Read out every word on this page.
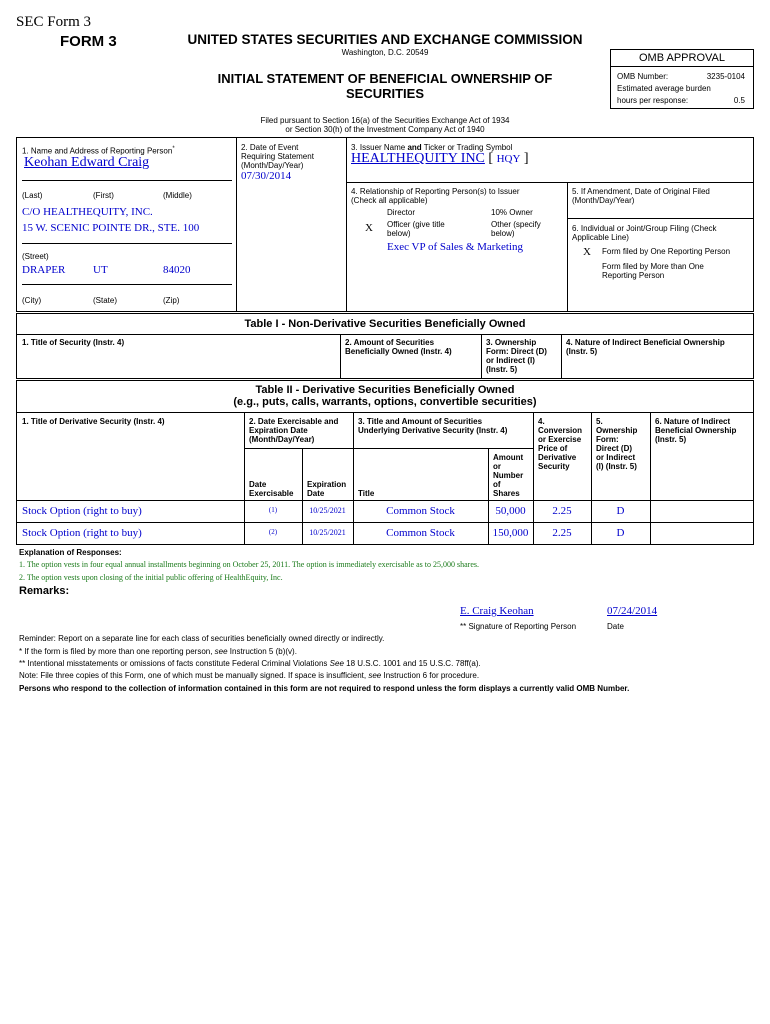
SEC Form 3
FORM 3	UNITED STATES SECURITIES AND EXCHANGE COMMISSION
Washington, D.C. 20549
INITIAL STATEMENT OF BENEFICIAL OWNERSHIP OF
SECURITIES
Filed pursuant to Section 16(a) of the Securities Exchange Act of 1934
or Section 30(h) of the Investment Company Act of 1940
OMB APPROVAL
OMB Number:	3235-0104
Estimated average burden
hours per response:	0.5
1. Name and Address of Reporting Person*
Keohan Edward Craig
(Last)	(First)	(Middle)
C/O HEALTHEQUITY, INC.
15 W. SCENIC POINTE DR., STE. 100
(Street)
DRAPER	UT	84020
(City)	(State)	(Zip)
2. Date of Event
Requiring Statement
(Month/Day/Year)
07/30/2014
3. Issuer Name and Ticker or Trading Symbol
HEALTHEQUITY INC [ HQY ]
4. Relationship of Reporting Person(s) to Issuer
(Check all applicable)
Director	10% Owner
X Officer (give title
below)
Other (specify
below)
Exec VP of Sales & Marketing
5. If Amendment, Date of Original Filed
(Month/Day/Year)
6. Individual or Joint/Group Filing (Check
Applicable Line)
X Form filed by One Reporting Person
Form filed by More than One
Reporting Person
Table I - Non-Derivative Securities Beneficially Owned
1. Title of Security (Instr. 4)	2. Amount of Securities
Beneficially Owned (Instr. 4)
3. Ownership
Form: Direct (D)
or Indirect (I)
(Instr. 5)
4. Nature of Indirect Beneficial Ownership
(Instr. 5)
Table II - Derivative Securities Beneficially Owned
(e.g., puts, calls, warrants, options, convertible securities)
1. Title of Derivative Security (Instr. 4)	2. Date Exercisable and
Expiration Date
(Month/Day/Year)
3. Title and Amount of Securities
Underlying Derivative Security (Instr. 4)
4.
Conversion
or Exercise
Price of
Derivative
Security
5.
Ownership
Form:
Direct (D)
or Indirect
(I) (Instr. 5)
6. Nature of Indirect
Beneficial Ownership
(Instr. 5)
Date
Exercisable
Expiration
Date	Title
Amount
or
Number
of
Shares
Stock Option (right to buy)	(1)	10/25/2021	Common Stock	50,000	2.25	D
Stock Option (right to buy)	(2)	10/25/2021	Common Stock	150,000	2.25	D
Explanation of Responses:
1. The option vests in four equal annual installments beginning on October 25, 2011. The option is immediately exercisable as to 25,000 shares.
2. The option vests upon closing of the initial public offering of HealthEquity, Inc.
Remarks:
E. Craig Keohan	07/24/2014
** Signature of Reporting Person	Date
Reminder: Report on a separate line for each class of securities beneficially owned directly or indirectly.
* If the form is filed by more than one reporting person, see Instruction 5 (b)(v).
** Intentional misstatements or omissions of facts constitute Federal Criminal Violations See 18 U.S.C. 1001 and 15 U.S.C. 78ff(a).
Note: File three copies of this Form, one of which must be manually signed. If space is insufficient, see Instruction 6 for procedure.
Persons who respond to the collection of information contained in this form are not required to respond unless the form displays a currently valid OMB Number.
